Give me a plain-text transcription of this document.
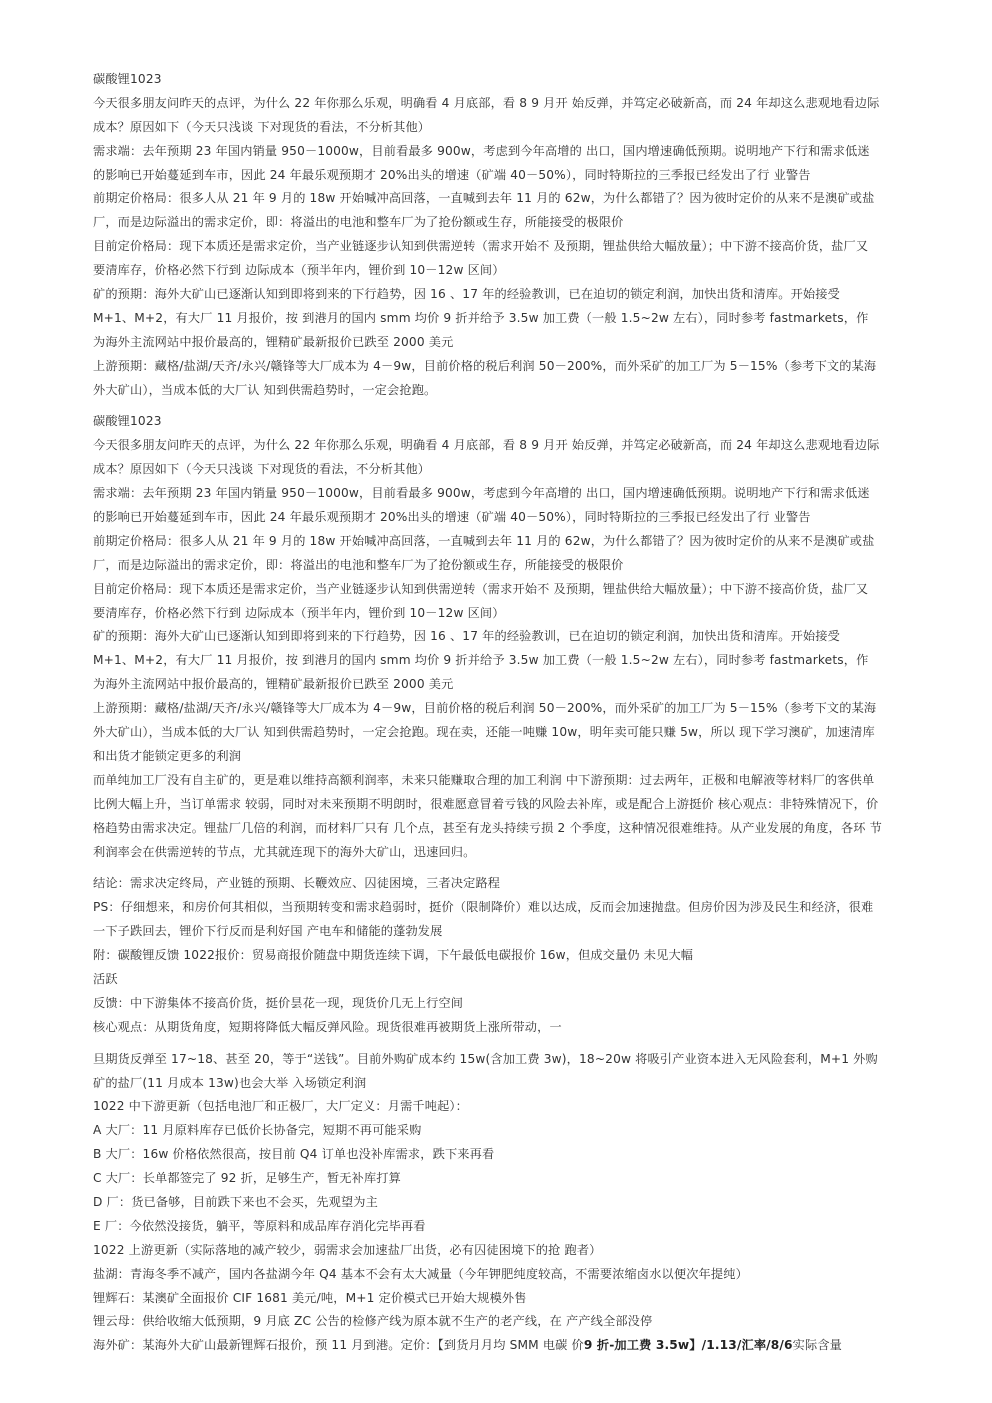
碳酸锂1023
今天很多朋友问昨天的点评，为什么 22 年你那么乐观，明确看 4 月底部，看 8 9 月开 始反弹，并笃定必破新高，而 24 年却这么悲观地看边际
成本？原因如下（今天只浅谈 下对现货的看法，不分析其他）
需求端：去年预期 23 年国内销量 950－1000w，目前看最多 900w，考虑到今年高增的 出口，国内增速确低预期。说明地产下行和需求低迷
的影响已开始蔓延到车市，因此 24 年最乐观预期才 20%出头的增速（矿端 40－50%），同时特斯拉的三季报已经发出了行 业警告
前期定价格局：很多人从 21 年 9 月的 18w 开始喊冲高回落，一直喊到去年 11 月的 62w，为什么都错了？因为彼时定价的从来不是澳矿或盐
厂，而是边际溢出的需求定价，即：将溢出的电池和整车厂为了抢份额或生存，所能接受的极限价
目前定价格局：现下本质还是需求定价，当产业链逐步认知到供需逆转（需求开始不 及预期，锂盐供给大幅放量）；中下游不接高价货，盐厂又
要清库存，价格必然下行到 边际成本（预半年内，锂价到 10－12w 区间）
矿的预期：海外大矿山已逐渐认知到即将到来的下行趋势，因 16 、17 年的经验教训，已在迫切的锁定利润，加快出货和清库。开始接受
M+1、M+2，有大厂 11 月报价，按 到港月的国内 smm 均价 9 折并给予 3.5w 加工费（一般 1.5~2w 左右），同时参考 fastmarkets，作
为海外主流网站中报价最高的，锂精矿最新报价已跌至 2000 美元
上游预期：藏格/盐湖/天齐/永兴/赣锋等大厂成本为 4－9w，目前价格的税后利润 50－200%，而外采矿的加工厂为 5－15%（参考下文的某海
外大矿山），当成本低的大厂认 知到供需趋势时，一定会抢跑。
碳酸锂1023
今天很多朋友问昨天的点评，为什么 22 年你那么乐观，明确看 4 月底部，看 8 9 月开 始反弹，并笃定必破新高，而 24 年却这么悲观地看边际
成本？原因如下（今天只浅谈 下对现货的看法，不分析其他）
需求端：去年预期 23 年国内销量 950－1000w，目前看最多 900w，考虑到今年高增的 出口，国内增速确低预期。说明地产下行和需求低迷
的影响已开始蔓延到车市，因此 24 年最乐观预期才 20%出头的增速（矿端 40－50%），同时特斯拉的三季报已经发出了行 业警告
前期定价格局：很多人从 21 年 9 月的 18w 开始喊冲高回落，一直喊到去年 11 月的 62w，为什么都错了？因为彼时定价的从来不是澳矿或盐
厂，而是边际溢出的需求定价，即：将溢出的电池和整车厂为了抢份额或生存，所能接受的极限价
目前定价格局：现下本质还是需求定价，当产业链逐步认知到供需逆转（需求开始不 及预期，锂盐供给大幅放量）；中下游不接高价货，盐厂又
要清库存，价格必然下行到 边际成本（预半年内，锂价到 10－12w 区间）
矿的预期：海外大矿山已逐渐认知到即将到来的下行趋势，因 16 、17 年的经验教训，已在迫切的锁定利润，加快出货和清库。开始接受
M+1、M+2，有大厂 11 月报价，按 到港月的国内 smm 均价 9 折并给予 3.5w 加工费（一般 1.5~2w 左右），同时参考 fastmarkets，作
为海外主流网站中报价最高的，锂精矿最新报价已跌至 2000 美元
上游预期：藏格/盐湖/天齐/永兴/赣锋等大厂成本为 4－9w，目前价格的税后利润 50－200%，而外采矿的加工厂为 5－15%（参考下文的某海
外大矿山），当成本低的大厂认 知到供需趋势时，一定会抢跑。现在卖，还能一吨赚 10w，明年卖可能只赚 5w，所以 现下学习澳矿，加速清库
和出货才能锁定更多的利润
而单纯加工厂没有自主矿的，更是难以维持高额利润率，未来只能赚取合理的加工利润 中下游预期：过去两年，正极和电解液等材料厂的客供单
比例大幅上升，当订单需求 较弱，同时对未来预期不明朗时，很难愿意冒着亏钱的风险去补库，或是配合上游挺价 核心观点：非特殊情况下，价
格趋势由需求决定。锂盐厂几倍的利润，而材料厂只有 几个点，甚至有龙头持续亏损 2 个季度，这种情况很难维持。从产业发展的角度，各环 节
利润率会在供需逆转的节点，尤其就连现下的海外大矿山，迅速回归。
结论：需求决定终局，产业链的预期、长鞭效应、囚徒困境，三者决定路程
PS：仔细想来，和房价何其相似，当预期转变和需求趋弱时，挺价（限制降价）难以达成，反而会加速抛盘。但房价因为涉及民生和经济，很难
一下子跌回去，锂价下行反而是利好国 产电车和储能的蓬勃发展
附：碳酸锂反馈 1022报价：贸易商报价随盘中期货连续下调，下午最低电碳报价 16w，但成交量仍 未见大幅
活跃
反馈：中下游集体不接高价货，挺价昙花一现，现货价几无上行空间
核心观点：从期货角度，短期将降低大幅反弹风险。现货很难再被期货上涨所带动，一
旦期货反弹至 17~18、甚至 20，等于“送钱”。目前外购矿成本约 15w(含加工费 3w)，18~20w 将吸引产业资本进入无风险套利，M+1 外购
矿的盐厂(11 月成本 13w)也会大举 入场锁定利润
1022 中下游更新（包括电池厂和正极厂，大厂定义：月需千吨起）：
A 大厂：11 月原料库存已低价长协备完，短期不再可能采购
B 大厂：16w 价格依然很高，按目前 Q4 订单也没补库需求，跌下来再看
C 大厂：长单都签完了 92 折，足够生产，暂无补库打算
D 厂：货已备够，目前跌下来也不会买，先观望为主
E 厂：今依然没接货，躺平，等原料和成品库存消化完毕再看
1022 上游更新（实际落地的减产较少，弱需求会加速盐厂出货，必有囚徒困境下的抢 跑者）
盐湖：青海冬季不减产，国内各盐湖今年 Q4 基本不会有太大减量（今年钾肥纯度较高，不需要浓缩卤水以便次年提纯）
锂辉石：某澳矿全面报价 CIF 1681 美元/吨，M+1 定价模式已开始大规模外售
锂云母：供给收缩大低预期，9 月底 ZC 公告的检修产线为原本就不生产的老产线，在 产产线全部没停
海外矿：某海外大矿山最新锂辉石报价，预 11 月到港。定价：【到货月月均 SMM 电碳 价9 折-加工费 3.5w】/1.13/汇率/8/6实际含量
